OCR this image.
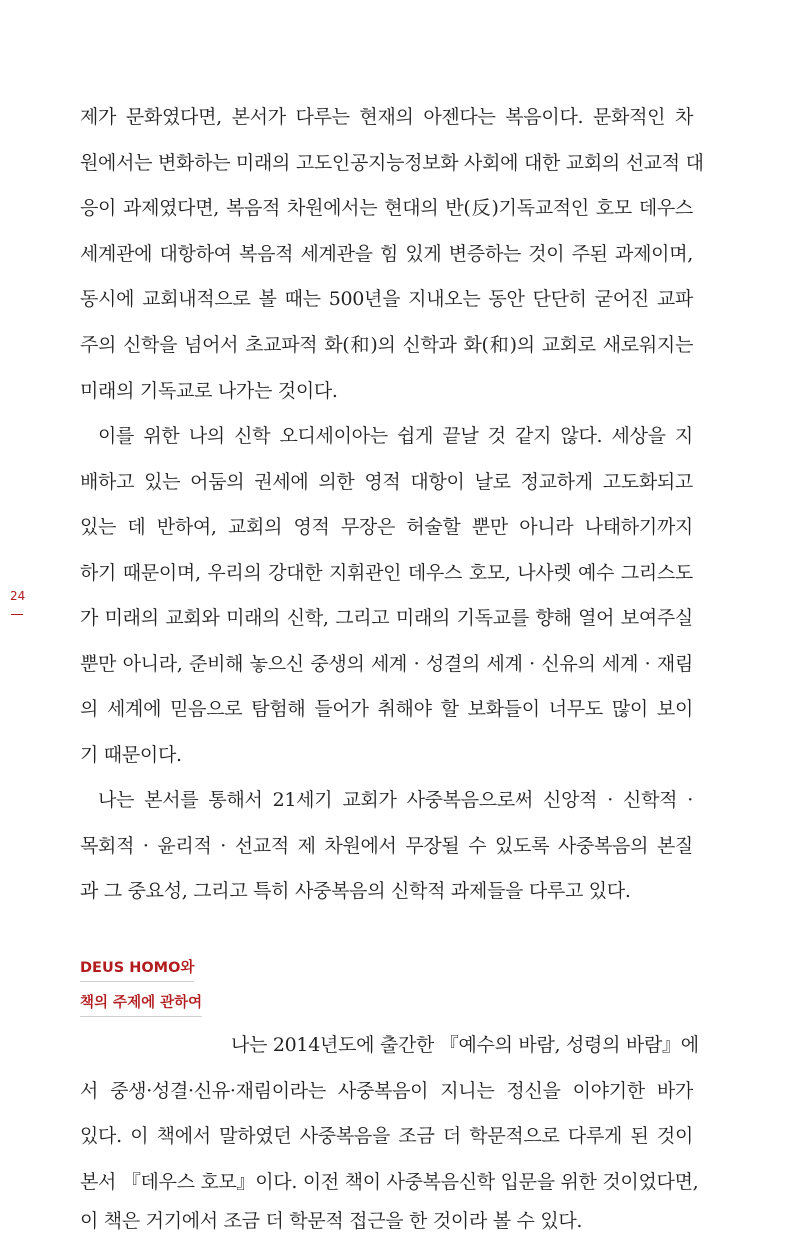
제가 문화였다면, 본서가 다루는 현재의 아젠다는 복음이다. 문화적인 차
원에서는 변화하는 미래의 고도인공지능정보화 사회에 대한 교회의 선교적 대
응이 과제였다면, 복음적 차원에서는 현대의 반(反)기독교적인 호모 데우스
세계관에 대항하여 복음적 세계관을 힘 있게 변증하는 것이 주된 과제이며,
동시에 교회내적으로 볼 때는 500년을 지내오는 동안 단단히 굳어진 교파
주의 신학을 넘어서 초교파적 화(和)의 신학과 화(和)의 교회로 새로워지는
미래의 기독교로 나가는 것이다.
이를 위한 나의 신학 오디세이아는 쉽게 끝날 것 같지 않다. 세상을 지
배하고 있는 어둠의 권세에 의한 영적 대항이 날로 정교하게 고도화되고
있는 데 반하여, 교회의 영적 무장은 허술할 뿐만 아니라 나태하기까지
하기 때문이며, 우리의 강대한 지휘관인 데우스 호모, 나사렛 예수 그리스도
가 미래의 교회와 미래의 신학, 그리고 미래의 기독교를 향해 열어 보여주실
뿐만 아니라, 준비해 놓으신 중생의 세계 · 성결의 세계 · 신유의 세계 · 재림
의 세계에 믿음으로 탐험해 들어가 취해야 할 보화들이 너무도 많이 보이
기 때문이다.
24
나는 본서를 통해서 21세기 교회가 사중복음으로써 신앙적 · 신학적 ·
목회적 · 윤리적 · 선교적 제 차원에서 무장될 수 있도록 사중복음의 본질
과 그 중요성, 그리고 특히 사중복음의 신학적 과제들을 다루고 있다.
DEUS HOMO와
책의 주제에 관하여
나는 2014년도에 출간한 『예수의 바람, 성령의 바람』에
서 중생·성결·신유·재림이라는 사중복음이 지니는 정신을 이야기한 바가
있다. 이 책에서 말하였던 사중복음을 조금 더 학문적으로 다루게 된 것이
본서 『데우스 호모』이다. 이전 책이 사중복음신학 입문을 위한 것이었다면,
이 책은 거기에서 조금 더 학문적 접근을 한 것이라 볼 수 있다.
